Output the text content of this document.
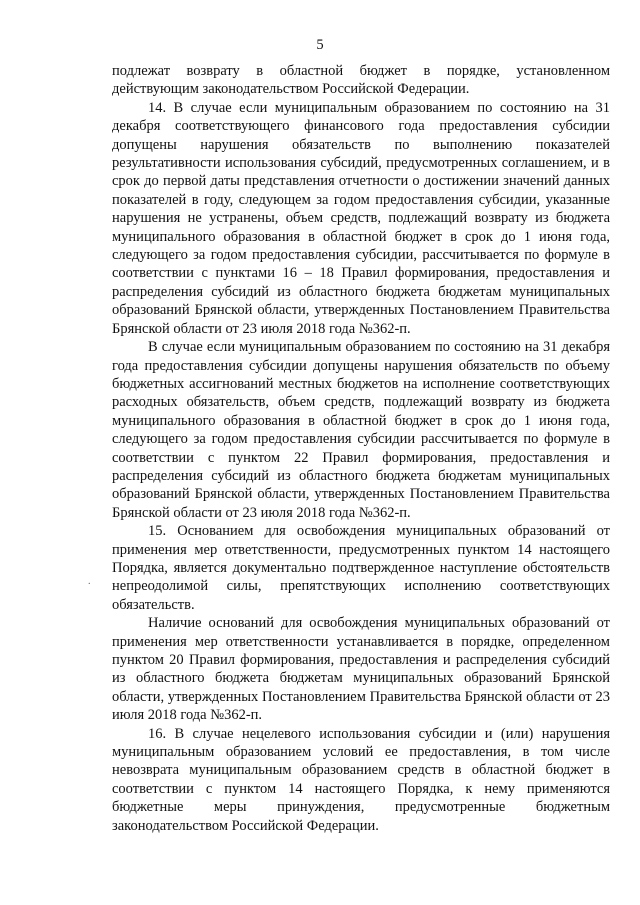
5

подлежат возврату в областной бюджет в порядке, установленном действующим законодательством Российской Федерации.

14. В случае если муниципальным образованием по состоянию на 31 декабря соответствующего финансового года предоставления субсидии допущены нарушения обязательств по выполнению показателей результативности использования субсидий, предусмотренных соглашением, и в срок до первой даты представления отчетности о достижении значений данных показателей в году, следующем за годом предоставления субсидии, указанные нарушения не устранены, объем средств, подлежащий возврату из бюджета муниципального образования в областной бюджет в срок до 1 июня года, следующего за годом предоставления субсидии, рассчитывается по формуле в соответствии с пунктами 16 – 18 Правил формирования, предоставления и распределения субсидий из областного бюджета бюджетам муниципальных образований Брянской области, утвержденных Постановлением Правительства Брянской области от 23 июля 2018 года №362-п.

В случае если муниципальным образованием по состоянию на 31 декабря года предоставления субсидии допущены нарушения обязательств по объему бюджетных ассигнований местных бюджетов на исполнение соответствующих расходных обязательств, объем средств, подлежащий возврату из бюджета муниципального образования в областной бюджет в срок до 1 июня года, следующего за годом предоставления субсидии рассчитывается по формуле в соответствии с пунктом 22 Правил формирования, предоставления и распределения субсидий из областного бюджета бюджетам муниципальных образований Брянской области, утвержденных Постановлением Правительства Брянской области от 23 июля 2018 года №362-п.

15. Основанием для освобождения муниципальных образований от применения мер ответственности, предусмотренных пунктом 14 настоящего Порядка, является документально подтвержденное наступление обстоятельств непреодолимой силы, препятствующих исполнению соответствующих обязательств.

Наличие оснований для освобождения муниципальных образований от применения мер ответственности устанавливается в порядке, определенном пунктом 20 Правил формирования, предоставления и распределения субсидий из областного бюджета бюджетам муниципальных образований Брянской области, утвержденных Постановлением Правительства Брянской области от 23 июля 2018 года №362-п.

16. В случае нецелевого использования субсидии и (или) нарушения муниципальным образованием условий ее предоставления, в том числе невозврата муниципальным образованием средств в областной бюджет в соответствии с пунктом 14 настоящего Порядка, к нему применяются бюджетные меры принуждения, предусмотренные бюджетным законодательством Российской Федерации.

.
